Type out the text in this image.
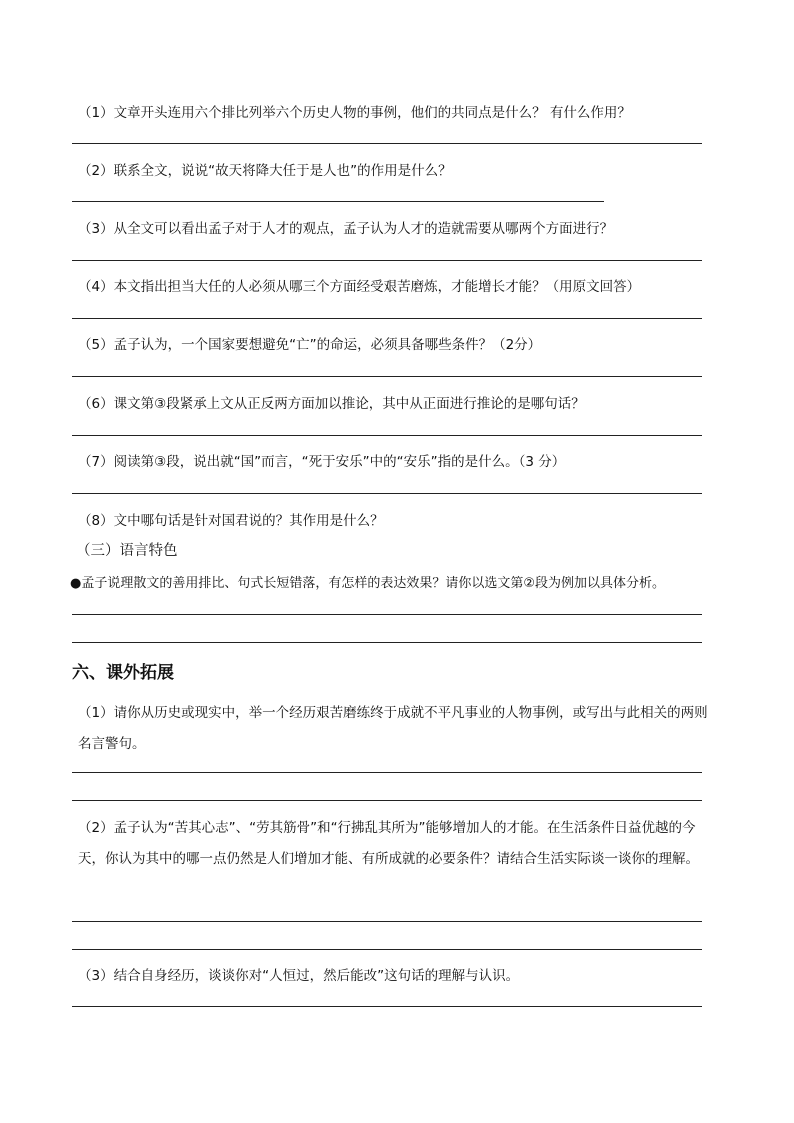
（1）文章开头连用六个排比列举六个历史人物的事例，他们的共同点是什么？ 有什么作用？
（2）联系全文，说说“故天将降大任于是人也”的作用是什么？
（3）从全文可以看出孟子对于人才的观点，孟子认为人才的造就需要从哪两个方面进行？
（4）本文指出担当大任的人必须从哪三个方面经受艰苦磨炼，才能增长才能？（用原文回答）
（5）孟子认为，一个国家要想避免“亡”的命运，必须具备哪些条件？（2分）
（6）课文第③段紧承上文从正反两方面加以推论，其中从正面进行推论的是哪句话？
（7）阅读第③段，说出就“国”而言，“死于安乐”中的“安乐”指的是什么。（3 分）
（8）文中哪句话是针对国君说的？其作用是什么？
（三）语言特色
●孟子说理散文的善用排比、句式长短错落，有怎样的表达效果？请你以选文第②段为例加以具体分析。
六、课外拓展
（1）请你从历史或现实中，举一个经历艰苦磨练终于成就不平凡事业的人物事例，或写出与此相关的两则名言警句。
（2）孟子认为“苦其心志”、“劳其筋骨”和“行拂乱其所为”能够增加人的才能。在生活条件日益优越的今天，你认为其中的哪一点仍然是人们增加才能、有所成就的必要条件？请结合生活实际谈一谈你的理解。
（3）结合自身经历，谈谈你对“人恒过，然后能改”这句话的理解与认识。
